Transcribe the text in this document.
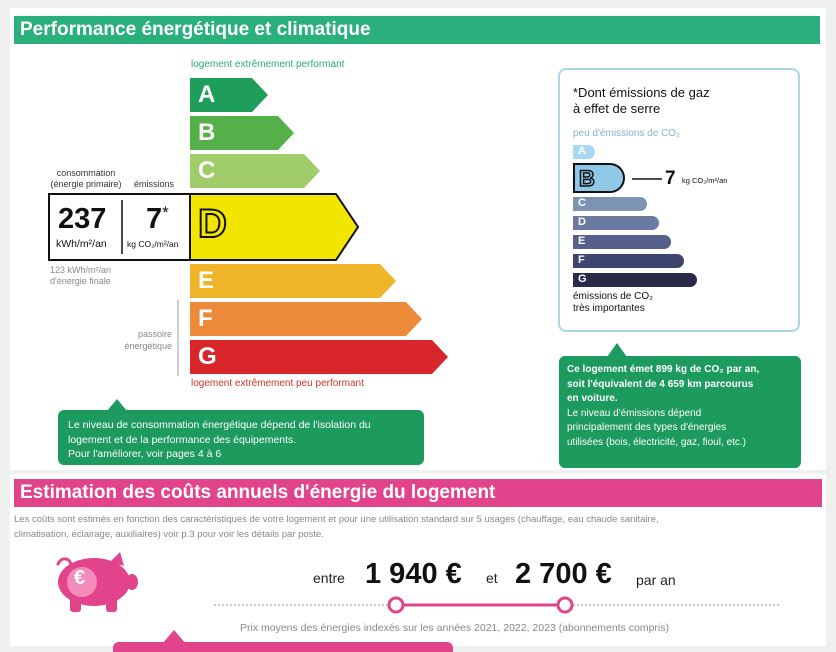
Performance énergétique et climatique
logement extrêmement performant
A
B
C
D
E
F
G
consommation
(énergie primaire)	émissions
237
kWh/m²/an
7*
kg CO₂/m²/an
123 kWh/m²/an
d'énergie finale
passoire
énergétique
logement extrêmement peu performant
Le niveau de consommation énergétique dépend de l'isolation du
logement et de la performance des équipements.
Pour l'améliorer, voir pages 4 à 6
*Dont émissions de gaz
à effet de serre
peu d'émissions de CO₂
A
B
C
D
E
F
G
7 kg CO₂/m²/an
émissions de CO₂
très importantes
Ce logement émet 899 kg de CO₂ par an,
soit l'équivalent de 4 659 km parcourus
en voiture.
Le niveau d'émissions dépend
principalement des types d'énergies
utilisées (bois, électricité, gaz, fioul, etc.)
Estimation des coûts annuels d'énergie du logement
Les coûts sont estimés en fonction des caractéristiques de votre logement et pour une utilisation standard sur 5 usages (chauffage, eau chaude sanitaire,
climatisation, éclairage, auxiliaires) voir p.3 pour voir les détails par poste.
€	entre 1 940 € et 2 700 € par an
Prix moyens des énergies indexés sur les années 2021, 2022, 2023 (abonnements compris)
